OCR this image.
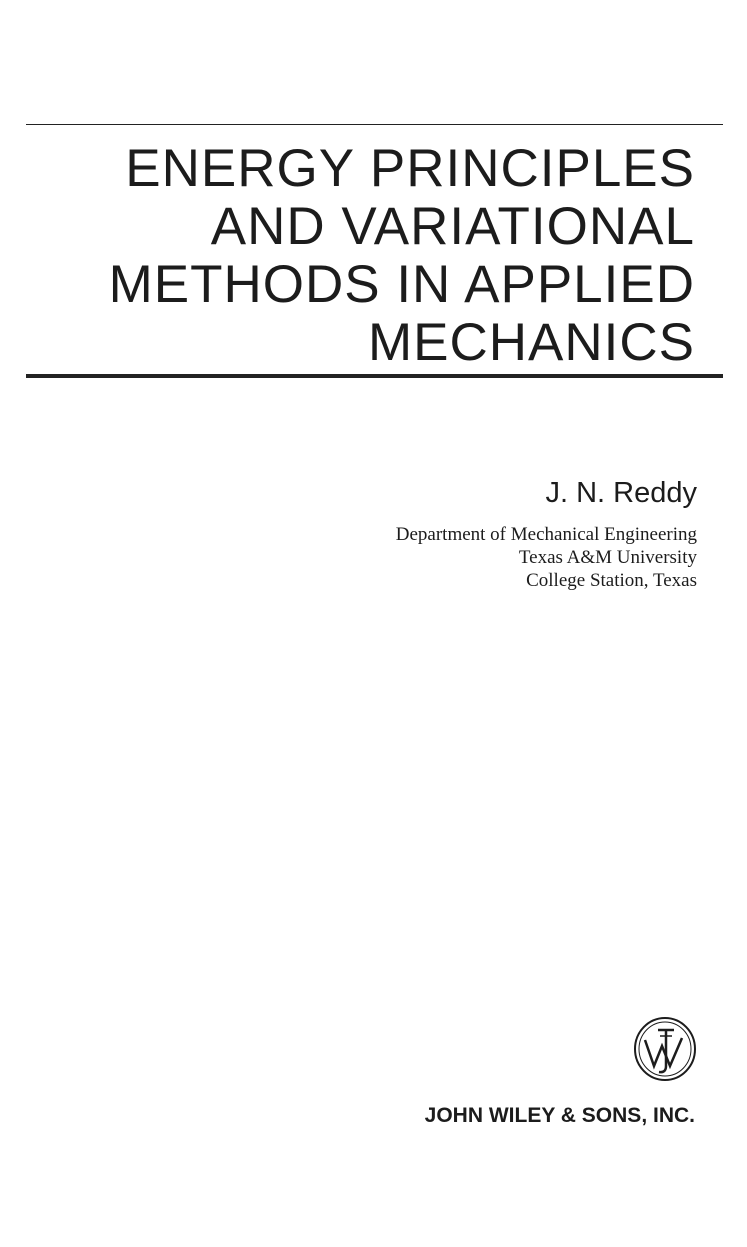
ENERGY PRINCIPLES
AND VARIATIONAL
METHODS IN APPLIED
MECHANICS
J. N. Reddy
Department of Mechanical Engineering
Texas A&M University
College Station, Texas
JOHN WILEY & SONS, INC.
